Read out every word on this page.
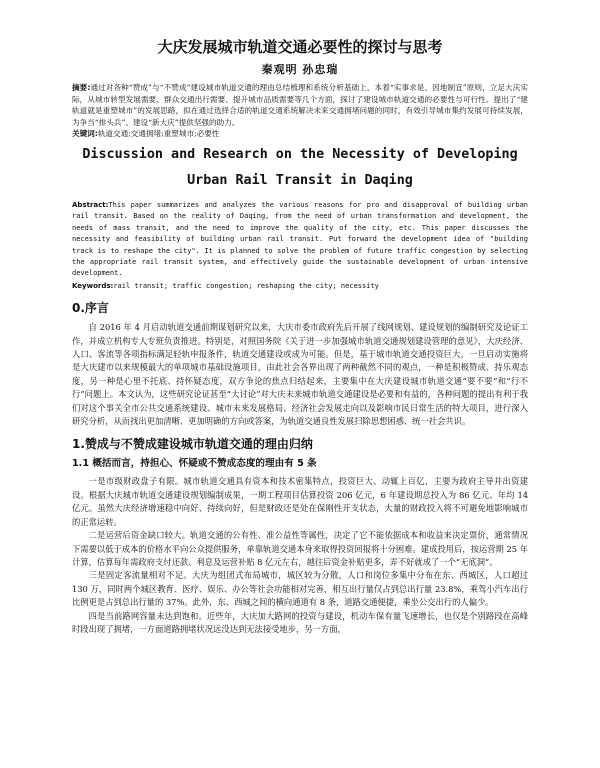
大庆发展城市轨道交通必要性的探讨与思考
秦观明 孙忠瑞

摘要:通过对各种“赞成”与“不赞成”建设城市轨道交通的理由总结梳理和系统分析基础上，本着“实事求是、因地制宜”原则，立足大庆实际，从城市转型发展需要、群众交通出行需要、提升城市品质需要等几个方面，探讨了建设城市轨道交通的必要性与可行性。提出了“建轨道就是重塑城市”的发展思路，拟在通过选择合适的轨道交通系统解决未来交通拥堵问题的同时，有效引导城市集约发展可持续发展，为争当“排头兵”、建设“新大庆”提供坚强的助力。

关键词:轨道交通;交通拥堵;重塑城市;必要性

Discussion and Research on the Necessity of Developing
Urban Rail Transit in Daqing

Abstract:This paper summarizes and analyzes the various reasons for pro and disapproval of building urban rail transit. Based on the reality of Daqing, from the need of urban transformation and development, the needs of mass transit, and the need to improve the quality of the city, etc. This paper discusses the necessity and feasibility of building urban rail transit. Put forward the development idea of "building track is to reshape the city". It is planned to solve the problem of future traffic congestion by selecting the appropriate rail transit system, and effectively guide the sustainable development of urban intensive development.

Keywords:rail transit; traffic congestion; reshaping the city; necessity

0.序言

自 2016 年 4 月启动轨道交通前期谋划研究以来，大庆市委市政府先后开展了线网规划、建设规划的编制研究及论证工作，并成立机构专人专班负责推进。特别是，对照国务院《关于进一步加强城市轨道交通规划建设管理的意见》，大庆经济、人口、客流等各项指标满足轻轨申报条件，轨道交通建设或成为可能。但是，基于城市轨道交通投资巨大，一旦启动实施将是大庆建市以来规模最大的单项城市基础设施项目，由此社会各界出现了两种截然不同的观点，一种是积极赞成、持乐观态度，另一种是心里不托底、持怀疑态度，双方争论的焦点归结起来，主要集中在大庆建设城市轨道交通“要不要”和“行不行”问题上。本文认为，这些研究论证甚至“大讨论”对大庆未来城市轨道交通建设是必要和有益的，各种问题的提出有利于我们对这个事关全市公共交通系统建设、城市未来发展格局、经济社会发展走向以及影响市民日常生活的特大项目，进行深入研究分析，从而找出更加清晰、更加明确的方向或答案，为轨道交通良性发展扫除思想困惑、统一社会共识。

1.赞成与不赞成建设城市轨道交通的理由归纳
1.1 概括而言，持担心、怀疑或不赞成态度的理由有 5 条

一是市级财政盘子有限。城市轨道交通具有资本和技术密集特点，投资巨大、动辄上百亿，主要为政府主导并出资建设。根据大庆城市轨道交通建设规划编制成果，一期工程项目估算投资 206 亿元，6 年建设期总投入为 86 亿元、年均 14 亿元。虽然大庆经济增速稳中向好、持续向好，但是财政还是处在保刚性开支状态，大量的财政投入将不可避免地影响城市的正常运转。

二是运营后资金缺口较大。轨道交通的公有性、准公益性等属性，决定了它不能依据成本和收益来决定票价，通常情况下需要以低于成本的价格水平向公众提供服务，单靠轨道交通本身来取得投资回报将十分困难。建成投用后，按运营期 25 年计算，估算每年需政府支付还款、利息及运营补贴 8 亿元左右，越往后资金补贴更多，弄不好就成了一个“无底洞”。

三是固定客流量相对不足。大庆为组团式布局城市，城区较为分散，人口和岗位多集中分布在东、西城区，人口超过 130 万，同时两个城区教育、医疗、娱乐、办公等社会功能相对完善，相互出行量仅占到总出行量 23.8%，乘驾小汽车出行比例更是占到总出行量的 37%。此外，东、西城之间的横向通道有 8 条，道路交通便捷，乘坐公交出行的人偏少。

四是当前路网容量未达到饱和。近些年，大庆加大路网的投资与建设，机动车保有量飞速增长，也仅是个别路段在高峰时段出现了拥堵，一方面道路拥堵状况远没达到无法接受地步，另一方面，
